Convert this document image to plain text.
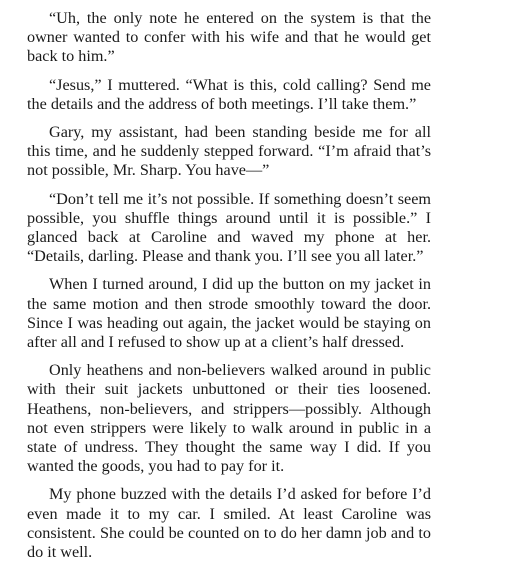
“Uh, the only note he entered on the system is that the owner wanted to confer with his wife and that he would get back to him.”

“Jesus,” I muttered. “What is this, cold calling? Send me the details and the address of both meetings. I’ll take them.”

Gary, my assistant, had been standing beside me for all this time, and he suddenly stepped forward. “I’m afraid that’s not possible, Mr. Sharp. You have—”

“Don’t tell me it’s not possible. If something doesn’t seem possible, you shuffle things around until it is possible.” I glanced back at Caroline and waved my phone at her. “Details, darling. Please and thank you. I’ll see you all later.”

When I turned around, I did up the button on my jacket in the same motion and then strode smoothly toward the door. Since I was heading out again, the jacket would be staying on after all and I refused to show up at a client’s half dressed.

Only heathens and non-believers walked around in public with their suit jackets unbuttoned or their ties loosened. Heathens, non-believers, and strippers—possibly. Although not even strippers were likely to walk around in public in a state of undress. They thought the same way I did. If you wanted the goods, you had to pay for it.

My phone buzzed with the details I’d asked for before I’d even made it to my car. I smiled. At least Caroline was consistent. She could be counted on to do her damn job and to do it well.
